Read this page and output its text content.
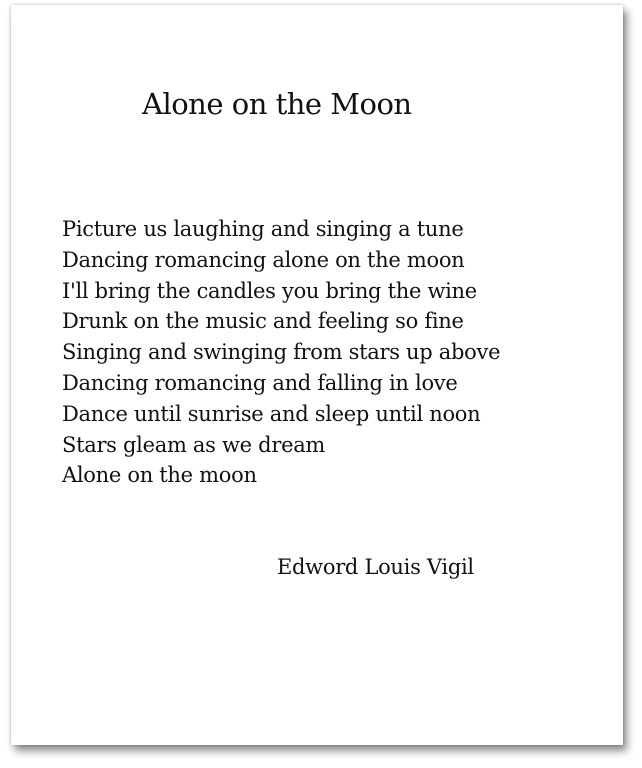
Alone on the Moon
Picture us laughing and singing a tune
Dancing romancing alone on the moon
I'll bring the candles you bring the wine
Drunk on the music and feeling so fine
Singing and swinging from stars up above
Dancing romancing and falling in love
Dance until sunrise and sleep until noon
Stars gleam as we dream
Alone on the moon

Edword Louis Vigil
